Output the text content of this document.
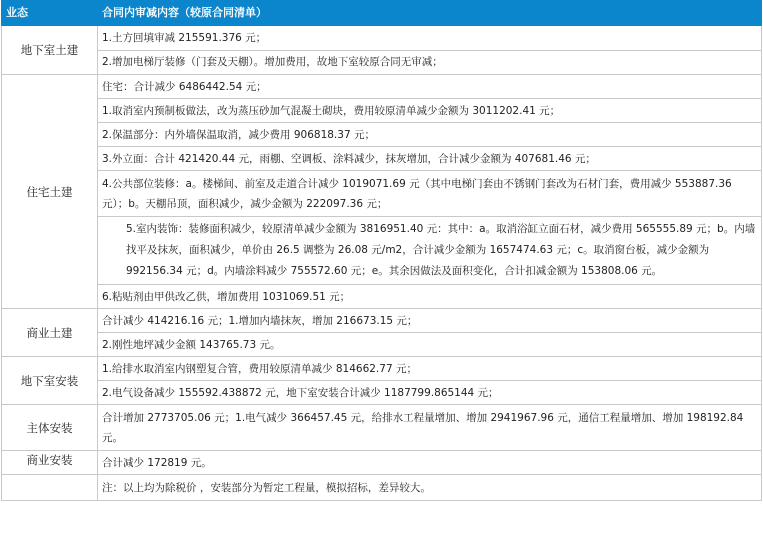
业态	合同内审减内容（较原合同清单）
地下室土建	1.土方回填审减 215591.376 元；
	2.增加电梯厅装修（门套及天棚）。增加费用，故地下室较原合同无审减；
住宅土建	住宅：合计减少 6486442.54 元；
	1.取消室内预制板做法，改为蒸压砂加气混凝土砌块，费用较原清单减少金额为 3011202.41 元；
	2.保温部分：内外墙保温取消，减少费用 906818.37 元；
	3.外立面：合计 421420.44 元，雨棚、空调板、涂料减少，抹灰增加，合计减少金额为 407681.46 元；
	4.公共部位装修：a。楼梯间、前室及走道合计减少 1019071.69 元（其中电梯门套由不锈钢门套改为石材门套，费用减少 553887.36 元）；b。天棚吊顶，面积减少，减少金额为 222097.36 元；
	5.室内装饰：装修面积减少，较原清单减少金额为 3816951.40 元：其中：a。取消浴缸立面石材，减少费用 565555.89 元；b。内墙找平及抹灰，面积减少，单价由 26.5 调整为 26.08 元/m2，合计减少金额为 1657474.63 元；c。取消窗台板，减少金额为 992156.34 元；d。内墙涂料减少 755572.60 元；e。其余因做法及面积变化，合计扣减金额为 153808.06 元。
	6.粘贴剂由甲供改乙供，增加费用 1031069.51 元；
商业土建	合计减少 414216.16 元；1.增加内墙抹灰，增加 216673.15 元；
	2.刚性地坪减少金额 143765.73 元。
地下室安装	1.给排水取消室内钢塑复合管，费用较原清单减少 814662.77 元；
	2.电气设备减少 155592.438872 元，地下室安装合计减少 1187799.865144 元；
主体安装	合计增加 2773705.06 元；1.电气减少 366457.45 元，给排水工程量增加、增加 2941967.96 元，通信工程量增加、增加 198192.84 元。
商业安装	合计减少 172819 元。
	注：以上均为除税价 ，安装部分为暂定工程量，模拟招标，差异较大。
